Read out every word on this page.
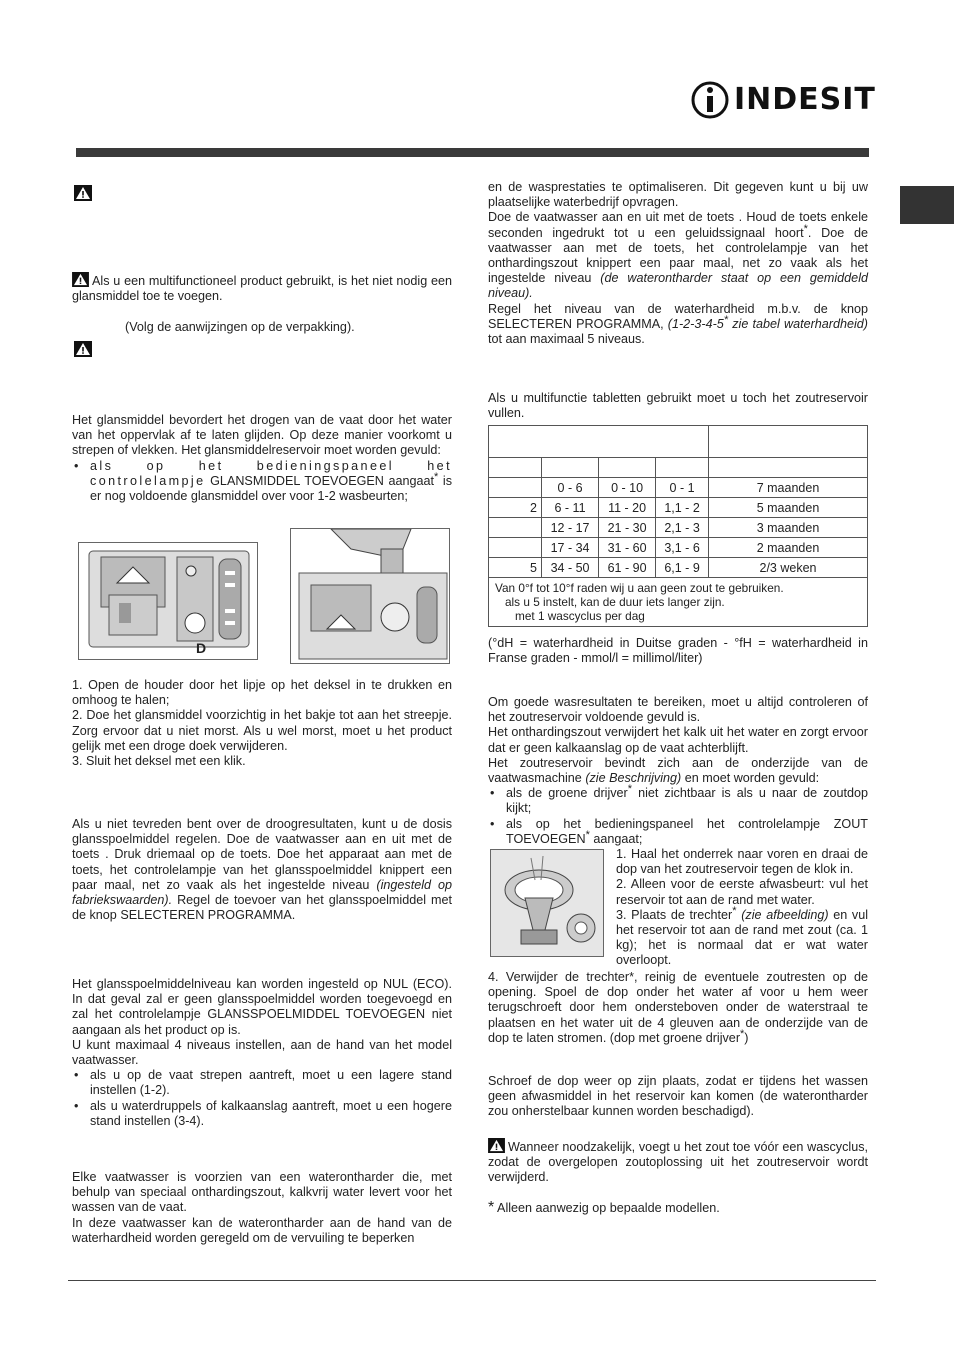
INDESIT

Als u een multifunctioneel product gebruikt, is het niet nodig een glansmiddel toe te voegen.

(Volg de aanwijzingen op de verpakking).

Het glansmiddel bevordert het drogen van de vaat door het water van het oppervlak af te laten glijden. Op deze manier voorkomt u strepen of vlekken. Het glansmiddelreservoir moet worden gevuld:

• als op het bedieningspaneel het controlelampje GLANSMIDDEL TOEVOEGEN aangaat* is er nog voldoende glansmiddel over voor 1-2 wasbeurten;
D

1. Open de houder door het lipje op het deksel in te drukken en omhoog te halen;

2. Doe het glansmiddel voorzichtig in het bakje tot aan het streepje. Zorg ervoor dat u niet morst. Als u wel morst, moet u het product gelijk met een droge doek verwijderen.

3. Sluit het deksel met een klik.

Als u niet tevreden bent over de droogresultaten, kunt u de dosis glansspoelmiddel regelen. Doe de vaatwasser aan en uit met de toets . Druk driemaal op de toets. Doe het apparaat aan met de toets, het controlelampje van het glansspoelmiddel knippert een paar maal, net zo vaak als het ingestelde niveau (ingesteld op fabriekswaarden). Regel de toevoer van het glansspoelmiddel met de knop SELECTEREN PROGRAMMA.

Het glansspoelmiddelniveau kan worden ingesteld op NUL (ECO). In dat geval zal er geen glansspoelmiddel worden toegevoegd en zal het controlelampje GLANSSPOELMIDDEL TOEVOEGEN niet aangaan als het product op is.

U kunt maximaal 4 niveaus instellen, aan de hand van het model vaatwasser.

• als u op de vaat strepen aantreft, moet u een lagere stand instellen (1-2).
• als u waterdruppels of kalkaanslag aantreft, moet u een hogere stand instellen (3-4).

Elke vaatwasser is voorzien van een waterontharder die, met behulp van speciaal onthardingszout, kalkvrij water levert voor het wassen van de vaat.

In deze vaatwasser kan de waterontharder aan de hand van de waterhardheid worden geregeld om de vervuiling te beperken

en de wasprestaties te optimaliseren. Dit gegeven kunt u bij uw plaatselijke waterbedrijf opvragen.

Doe de vaatwasser aan en uit met de toets . Houd de toets enkele seconden ingedrukt tot u een geluidssignaal hoort*. Doe de vaatwasser aan met de toets, het controlelampje van het onthardingszout knippert een paar maal, net zo vaak als het ingestelde niveau (de waterontharder staat op een gemiddeld niveau).

Regel het niveau van de waterhardheid m.b.v. de knop SELECTEREN PROGRAMMA, (1-2-3-4-5* zie tabel waterhardheid) tot aan maximaal 5 niveaus.

Als u multifunctie tabletten gebruikt moet u toch het zoutreservoir vullen.

	0 - 6	0 - 10	0 - 1	7 maanden
2	6 - 11	11 - 20	1,1 - 2	5 maanden
	12 - 17	21 - 30	2,1 - 3	3 maanden
	17 - 34	31 - 60	3,1 - 6	2 maanden
5	34 - 50	61 - 90	6,1 - 9	2/3 weken

Van 0°f tot 10°f raden wij u aan geen zout te gebruiken.
als u 5 instelt, kan de duur iets langer zijn.
met 1 wascyclus per dag				
(°dH = waterhardheid in Duitse graden - °fH = waterhardheid in Franse graden - mmol/l = millimol/liter)

Om goede wasresultaten te bereiken, moet u altijd controleren of het zoutreservoir voldoende gevuld is.

Het onthardingszout verwijdert het kalk uit het water en zorgt ervoor dat er geen kalkaanslag op de vaat achterblijft.

Het zoutreservoir bevindt zich aan de onderzijde van de vaatwasmachine (zie Beschrijving) en moet worden gevuld:

• als de groene drijver* niet zichtbaar is als u naar de zoutdop kijkt;
• als op het bedieningspaneel het controlelampje ZOUT TOEVOEGEN* aangaat;

1. Haal het onderrek naar voren en draai de dop van het zoutreservoir tegen de klok in.

2. Alleen voor de eerste afwasbeurt: vul het reservoir tot aan de rand met water.

3. Plaats de trechter* (zie afbeelding) en vul het reservoir tot aan de rand met zout (ca. 1 kg); het is normaal dat er wat water overloopt.

4. Verwijder de trechter*, reinig de eventuele zoutresten op de opening. Spoel de dop onder het water af voor u hem weer terugschroeft door hem ondersteboven onder de waterstraal te plaatsen en het water uit de 4 gleuven aan de onderzijde van de dop te laten stromen. (dop met groene drijver*)

Schroef de dop weer op zijn plaats, zodat er tijdens het wassen geen afwasmiddel in het reservoir kan komen (de waterontharder zou onherstelbaar kunnen worden beschadigd).

Wanneer noodzakelijk, voegt u het zout toe vóór een wascyclus, zodat de overgelopen zoutoplossing uit het zoutreservoir wordt verwijderd.

* Alleen aanwezig op bepaalde modellen.
